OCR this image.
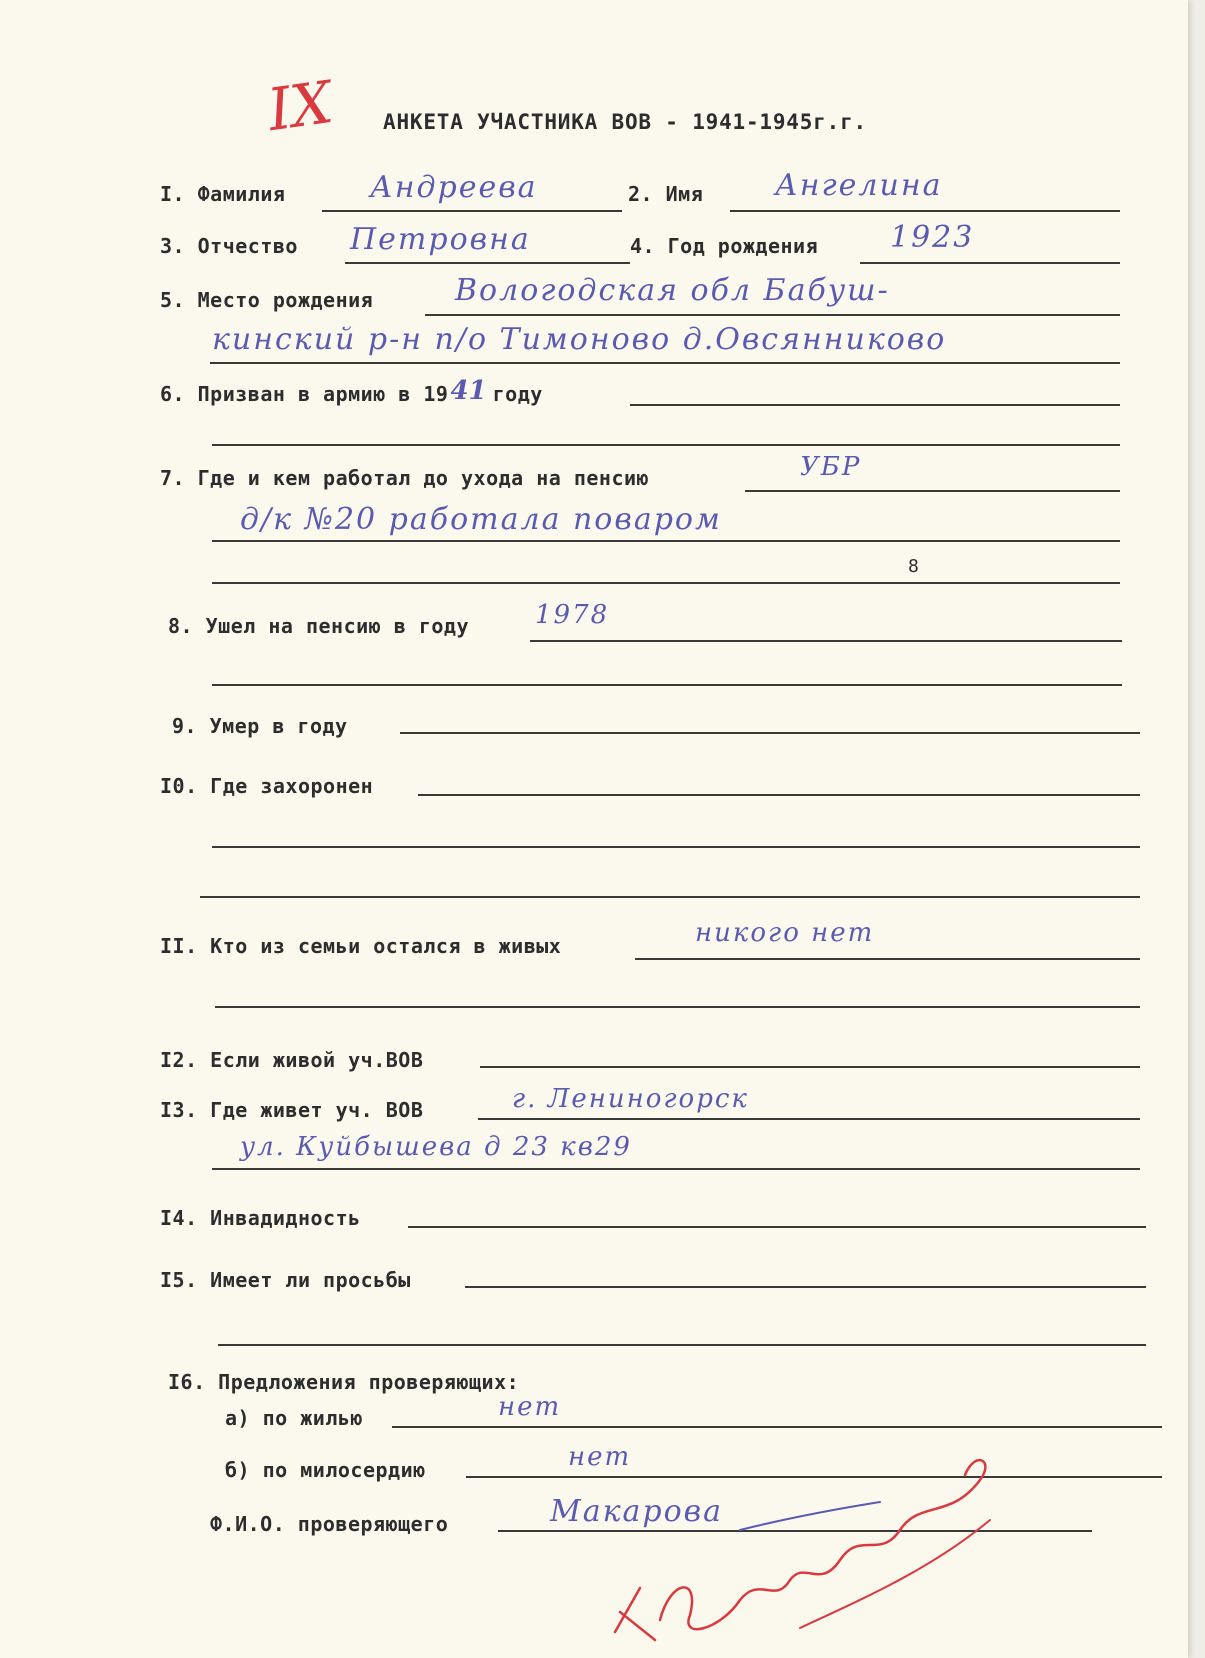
IX АНКЕТА УЧАСТНИКА ВОВ - 1941-1945г.г.
I. Фамилия	Андреева	2. Имя Ангелина
3. Отчество Петровна	4. Год рождения 1923
5. Место рождения	Вологодская обл Бабуш-
кинский р-н п/о Тимоново д.Овсянниково
6. Призван в армию в 1941 году
7. Где и кем работал до ухода на пенсию	УБР
д/к №20 работала поваром
8
8. Ушел на пенсию в году	1978
9. Умер в году
I0. Где захоронен
II. Кто из семьи остался в живых	никого нет
I2. Если живой уч.ВОВ
I3. Где живет уч. ВОВ	г. Лениногорск
ул. Куйбышева д 23 кв29
I4. Инвадидность
I5. Имеет ли просьбы
I6. Предложения проверяющих:
а) по жилью	нет
б) по милосердию	нет
Ф.И.О. проверяющего	Макарова
